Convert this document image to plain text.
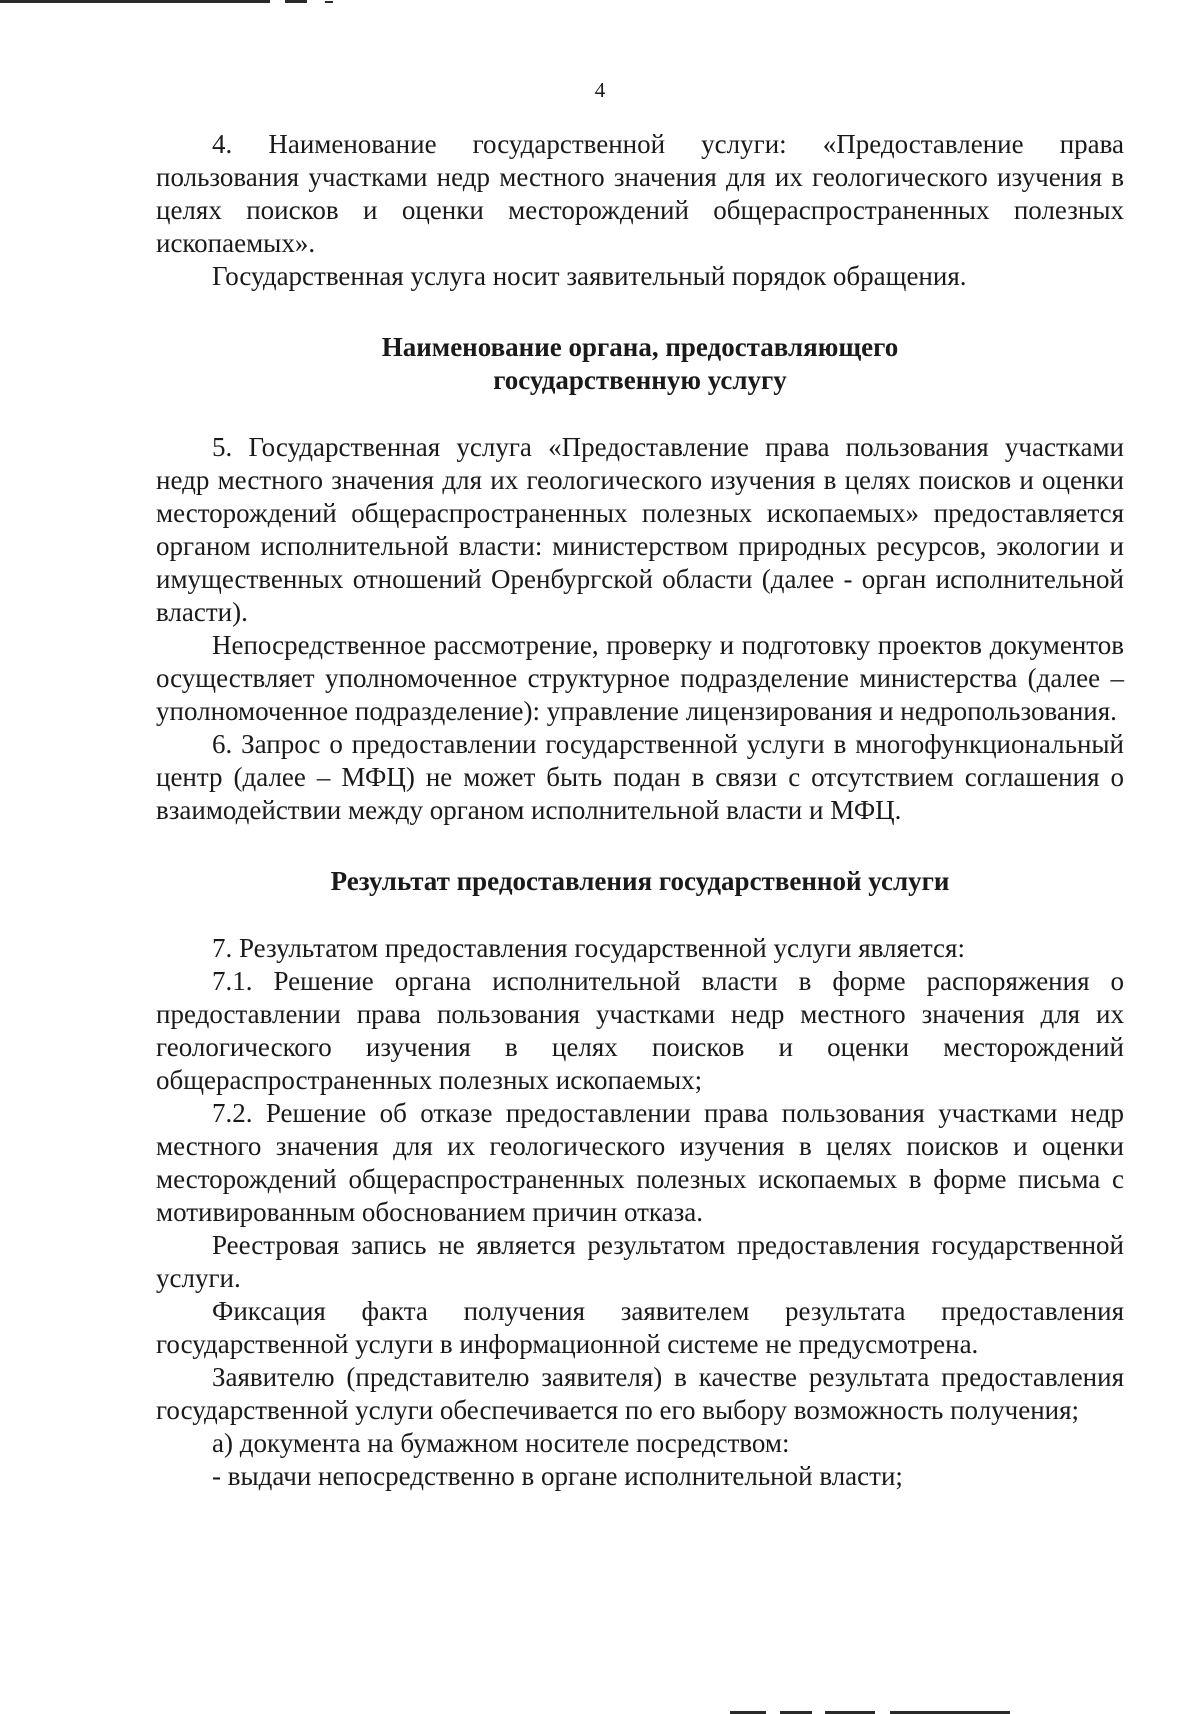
4

4. Наименование государственной услуги: «Предоставление права пользования участками недр местного значения для их геологического изучения в целях поисков и оценки месторождений общераспространенных полезных ископаемых».

Государственная услуга носит заявительный порядок обращения.

Наименование органа, предоставляющего
государственную услугу

5. Государственная услуга «Предоставление права пользования участками недр местного значения для их геологического изучения в целях поисков и оценки месторождений общераспространенных полезных ископаемых» предоставляется органом исполнительной власти: министерством природных ресурсов, экологии и имущественных отношений Оренбургской области (далее - орган исполнительной власти).

Непосредственное рассмотрение, проверку и подготовку проектов документов осуществляет уполномоченное структурное подразделение министерства (далее – уполномоченное подразделение): управление лицензирования и недропользования.

6. Запрос о предоставлении государственной услуги в многофункциональный центр (далее – МФЦ) не может быть подан в связи с отсутствием соглашения о взаимодействии между органом исполнительной власти и МФЦ.

Результат предоставления государственной услуги

7. Результатом предоставления государственной услуги является:

7.1. Решение органа исполнительной власти в форме распоряжения о предоставлении права пользования участками недр местного значения для их геологического изучения в целях поисков и оценки месторождений общераспространенных полезных ископаемых;

7.2. Решение об отказе предоставлении права пользования участками недр местного значения для их геологического изучения в целях поисков и оценки месторождений общераспространенных полезных ископаемых в форме письма с мотивированным обоснованием причин отказа.

Реестровая запись не является результатом предоставления государственной услуги.

Фиксация факта получения заявителем результата предоставления государственной услуги в информационной системе не предусмотрена.

Заявителю (представителю заявителя) в качестве результата предоставления государственной услуги обеспечивается по его выбору возможность получения;

а) документа на бумажном носителе посредством:

- выдачи непосредственно в органе исполнительной власти;
